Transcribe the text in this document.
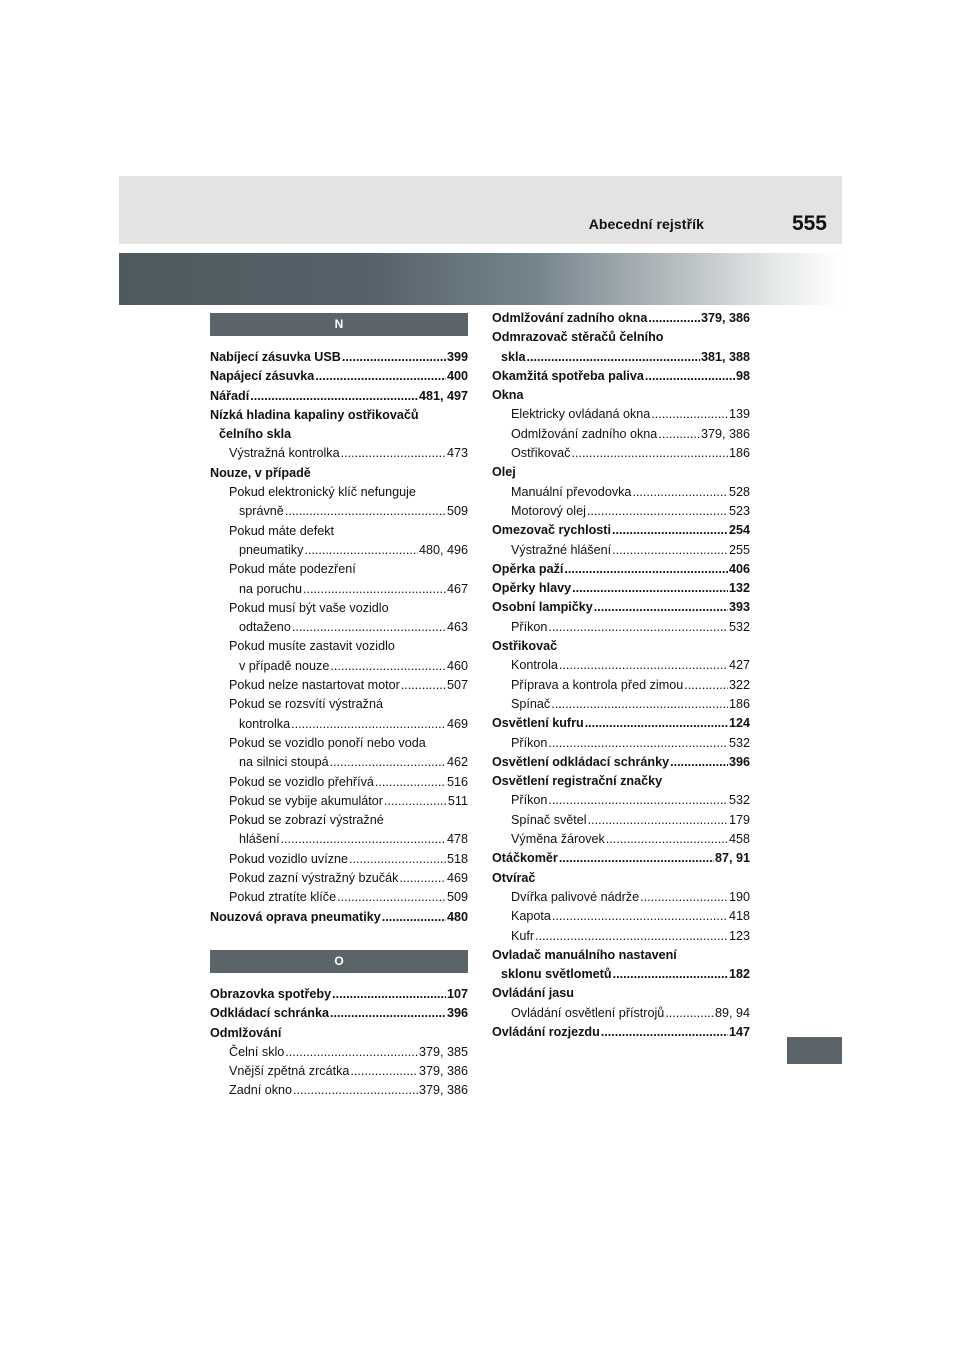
Abecední rejstřík	555
N
Nabíjecí zásuvka USB .....	399
Napájecí zásuvka .....	400
Nářadí .....	481, 497
Nízká hladina kapaliny ostřikovačů
čelního skla
Výstražná kontrolka .....	473
Nouze, v případě
Pokud elektronický klíč nefunguje
správně .....	509
Pokud máte defekt
pneumatiky .....	480, 496
Pokud máte podezření
na poruchu .....	467
Pokud musí být vaše vozidlo
odtaženo .....	463
Pokud musíte zastavit vozidlo
v případě nouze .....	460
Pokud nelze nastartovat motor .....	507
Pokud se rozsvítí výstražná
kontrolka .....	469
Pokud se vozidlo ponoří nebo voda
na silnici stoupá .....	462
Pokud se vozidlo přehřívá .....	516
Pokud se vybije akumulátor .....	511
Pokud se zobrazí výstražné
hlášení .....	478
Pokud vozidlo uvízne .....	518
Pokud zazní výstražný bzučák .....	469
Pokud ztratíte klíče .....	509
Nouzová oprava pneumatiky .....	480
O
Obrazovka spotřeby .....	107
Odkládací schránka .....	396
Odmlžování
Čelní sklo .....	379, 385
Vnější zpětná zrcátka .....	379, 386
Zadní okno .....	379, 386
Odmlžování zadního okna .....	379, 386
Odmrazovač stěračů čelního
skla .....	381, 388
Okamžitá spotřeba paliva .....	98
Okna
Elektricky ovládaná okna .....	139
Odmlžování zadního okna .....	379, 386
Ostřikovač .....	186
Olej
Manuální převodovka .....	528
Motorový olej .....	523
Omezovač rychlosti .....	254
Výstražné hlášení .....	255
Opěrka paží .....	406
Opěrky hlavy .....	132
Osobní lampičky .....	393
Příkon .....	532
Ostřikovač
Kontrola .....	427
Příprava a kontrola před zimou .....	322
Spínač .....	186
Osvětlení kufru .....	124
Příkon .....	532
Osvětlení odkládací schránky .....	396
Osvětlení registrační značky
Příkon .....	532
Spínač světel .....	179
Výměna žárovek .....	458
Otáčkoměr .....	87, 91
Otvírač
Dvířka palivové nádrže .....	190
Kapota .....	418
Kufr .....	123
Ovladač manuálního nastavení
sklonu světlometů .....	182
Ovládání jasu
Ovládání osvětlení přístrojů .....	89, 94
Ovládání rozjezdu .....	147
